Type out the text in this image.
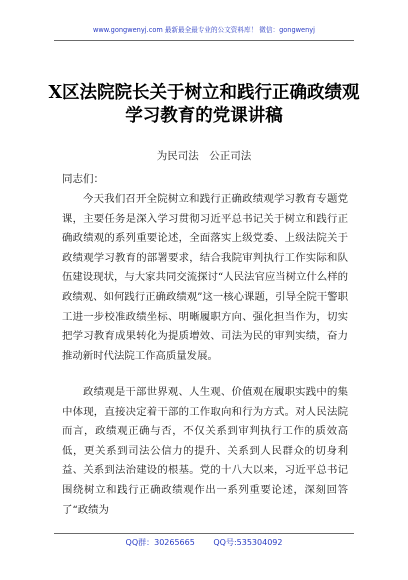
www.gongwenyj.com 最新最全最专业的公文资料库！ 微信：gongwenyj
X区法院院长关于树立和践行正确政绩观学习教育的党课讲稿
为民司法　公正司法
同志们：

今天我们召开全院树立和践行正确政绩观学习教育专题党课，主要任务是深入学习贯彻习近平总书记关于树立和践行正确政绩观的系列重要论述，全面落实上级党委、上级法院关于政绩观学习教育的部署要求，结合我院审判执行工作实际和队伍建设现状，与大家共同交流探讨“人民法官应当树立什么样的政绩观、如何践行正确政绩观”这一核心课题，引导全院干警职工进一步校准政绩坐标、明晰履职方向、强化担当作为，切实把学习教育成果转化为提质增效、司法为民的审判实绩，奋力推动新时代法院工作高质量发展。

政绩观是干部世界观、人生观、价值观在履职实践中的集中体现，直接决定着干部的工作取向和行为方式。对人民法院而言，政绩观正确与否，不仅关系到审判执行工作的质效高低，更关系到司法公信力的提升、关系到人民群众的切身利益、关系到法治建设的根基。党的十八大以来，习近平总书记围绕树立和践行正确政绩观作出一系列重要论述，深刻回答了“政绩为

QQ群：30265665 QQ号:535304092
